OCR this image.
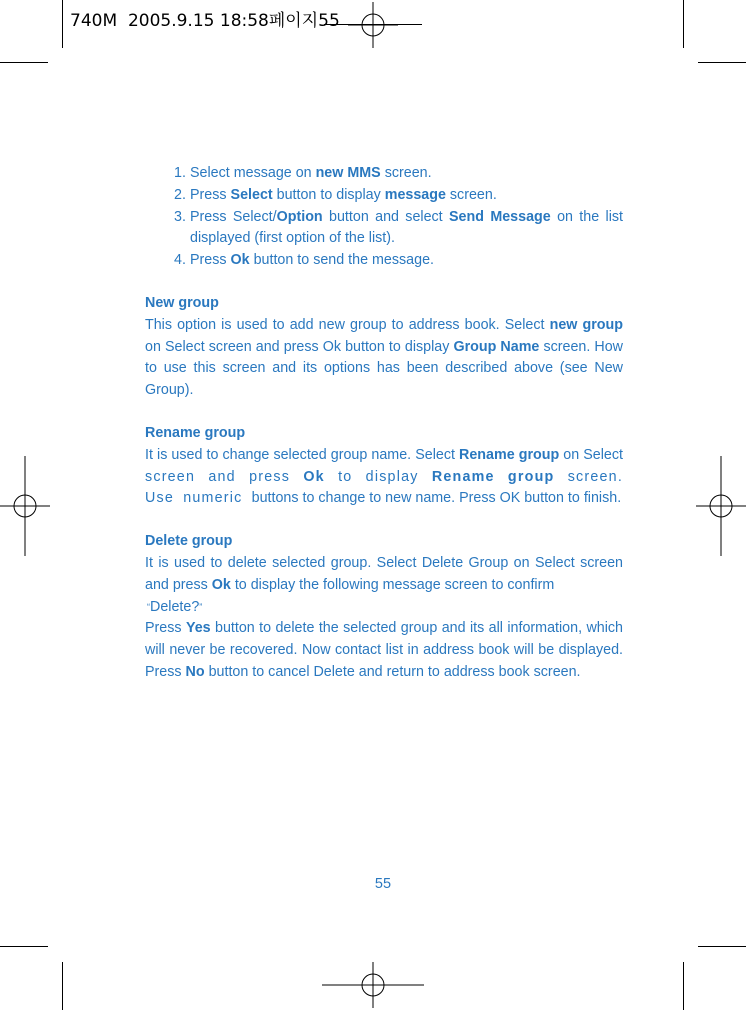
740M 2005.9.15 18:58페이지55
1. Select message on new MMS screen.
2. Press Select button to display message screen.
3. Press Select/Option button and select Send Message on the list displayed (first option of the list).
4. Press Ok button to send the message.
New group

This option is used to add new group to address book. Select new group on Select screen and press Ok button to display Group Name screen. How to use this screen and its options has been described above (see New Group).

Rename group

It is used to change selected group name. Select Rename group on Select screen and press Ok to display Rename group screen. Use numeric buttons to change to new name. Press OK button to finish.

Delete group

It is used to delete selected group. Select Delete Group on Select screen and press Ok to display the following message screen to confirm

“Delete?”

Press Yes button to delete the selected group and its all information, which will never be recovered. Now contact list in address book will be displayed. Press No button to cancel Delete and return to address book screen.

55
